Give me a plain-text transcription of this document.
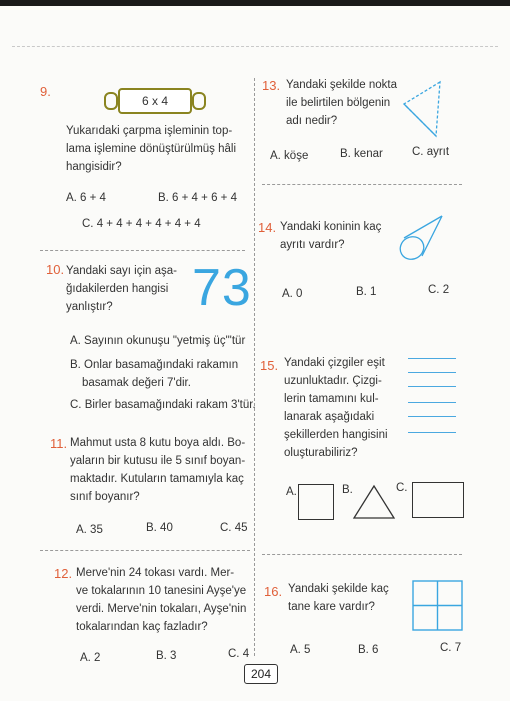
9.
6 x 4
Yukarıdaki çarpma işleminin top-
lama işlemine dönüştürülmüş hâli
hangisidir?
A. 6 + 4	B. 6 + 4 + 6 + 4
C. 4 + 4 + 4 + 4 + 4 + 4
10. Yandaki sayı için aşa-
ğıdakilerden hangisi
yanlıştır?	73
A. Sayının okunuşu "yetmiş üç"'tür
B. Onlar basamağındaki rakamın
basamak değeri 7'dir.
C. Birler basamağındaki rakam 3'tür.
11. Mahmut usta 8 kutu boya aldı. Bo-
yaların bir kutusu ile 5 sınıf boyan-
maktadır. Kutuların tamamıyla kaç
sınıf boyanır?
A. 35	B. 40	C. 45
12. Merve'nin 24 tokası vardı. Mer-
ve tokalarının 10 tanesini Ayşe'ye
verdi. Merve'nin tokaları, Ayşe'nin
tokalarından kaç fazladır?
A. 2	B. 3	C. 4
13. Yandaki şekilde nokta
ile belirtilen bölgenin
adı nedir?
A. köşe	B. kenar	C. ayrıt
14. Yandaki koninin kaç
ayrıtı vardır?
A. 0	B. 1	C. 2
15. Yandaki çizgiler eşit
uzunluktadır. Çizgi-
lerin tamamını kul-
lanarak aşağıdaki
şekillerden hangisini
oluşturabiliriz?
A.	B.	C.
16. Yandaki şekilde kaç
tane kare vardır?
A. 5	B. 6	C. 7
204
